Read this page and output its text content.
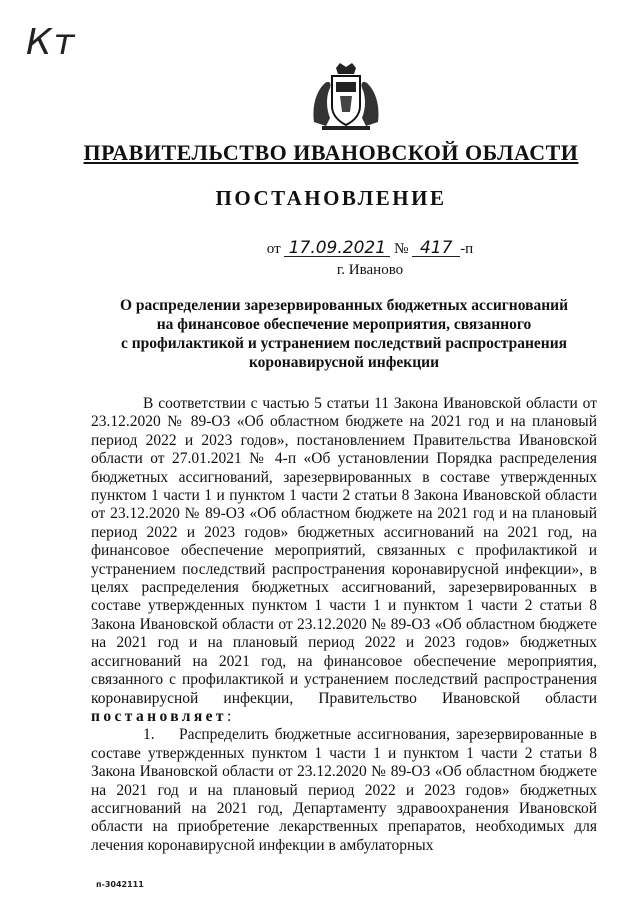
Кт
ПРАВИТЕЛЬСТВО ИВАНОВСКОЙ ОБЛАСТИ
ПОСТАНОВЛЕНИЕ
от 17.09.2021 № 417 -п
г. Иваново
О распределении зарезервированных бюджетных ассигнований
на финансовое обеспечение мероприятия, связанного
с профилактикой и устранением последствий распространения
коронавирусной инфекции

В соответствии с частью 5 статьи 11 Закона Ивановской области от 23.12.2020 № 89-ОЗ «Об областном бюджете на 2021 год и на плановый период 2022 и 2023 годов», постановлением Правительства Ивановской области от 27.01.2021 № 4-п «Об установлении Порядка распределения бюджетных ассигнований, зарезервированных в составе утвержденных пунктом 1 части 1 и пунктом 1 части 2 статьи 8 Закона Ивановской области от 23.12.2020 № 89-ОЗ «Об областном бюджете на 2021 год и на плановый период 2022 и 2023 годов» бюджетных ассигнований на 2021 год, на финансовое обеспечение мероприятий, связанных с профилактикой и устранением последствий распространения коронавирусной инфекции», в целях распределения бюджетных ассигнований, зарезервированных в составе утвержденных пунктом 1 части 1 и пунктом 1 части 2 статьи 8 Закона Ивановской области от 23.12.2020 № 89-ОЗ «Об областном бюджете на 2021 год и на плановый период 2022 и 2023 годов» бюджетных ассигнований на 2021 год, на финансовое обеспечение мероприятия, связанного с профилактикой и устранением последствий распространения коронавирусной инфекции, Правительство Ивановской области постановляет:

1. Распределить бюджетные ассигнования, зарезервированные в составе утвержденных пунктом 1 части 1 и пунктом 1 части 2 статьи 8 Закона Ивановской области от 23.12.2020 № 89-ОЗ «Об областном бюджете на 2021 год и на плановый период 2022 и 2023 годов» бюджетных ассигнований на 2021 год, Департаменту здравоохранения Ивановской области на приобретение лекарственных препаратов, необходимых для лечения коронавирусной инфекции в амбулаторных

п-3042111
